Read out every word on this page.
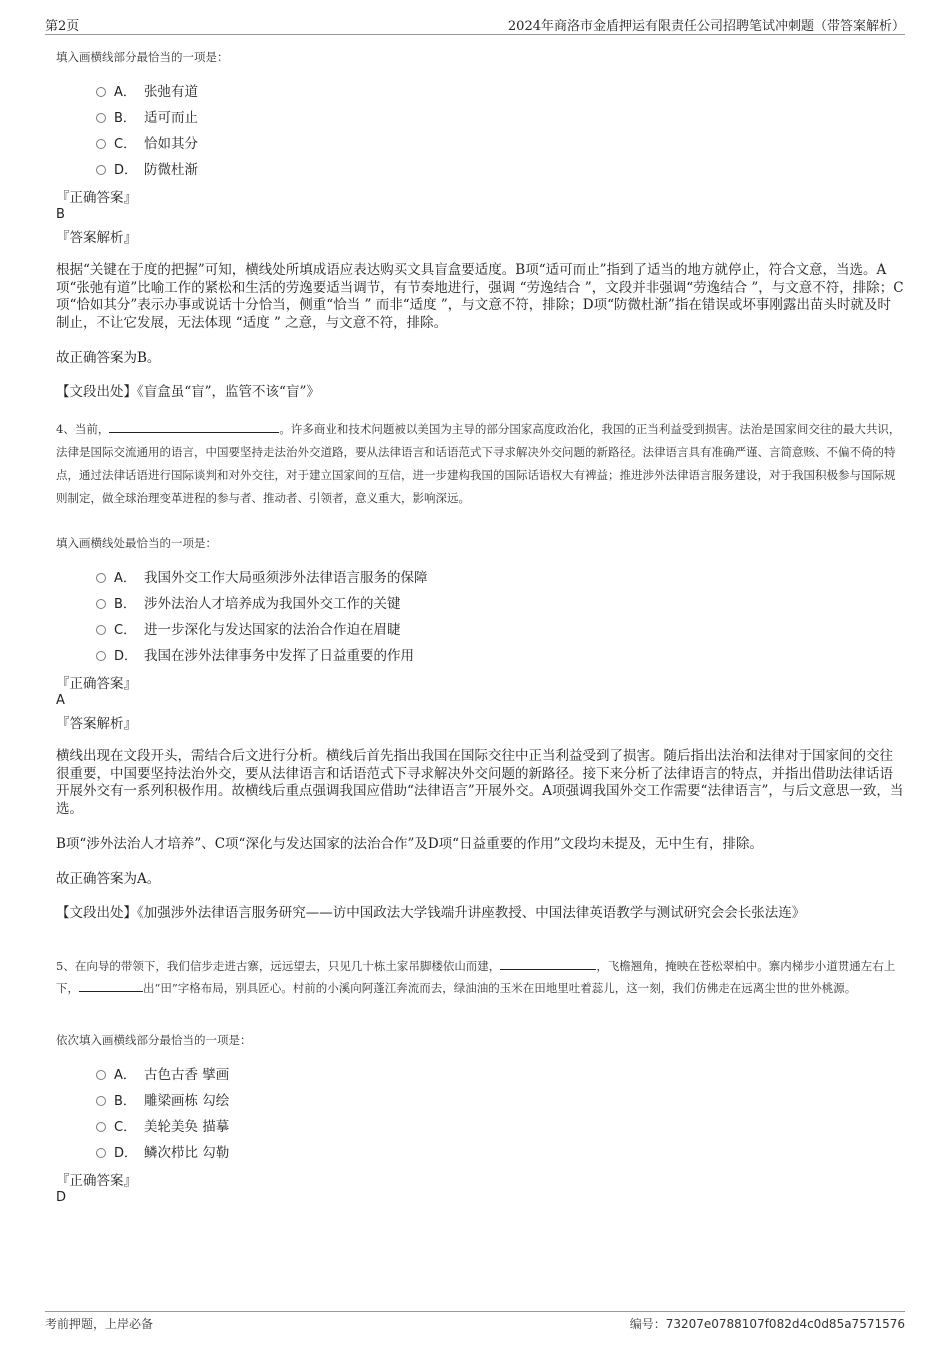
第2页	2024年商洛市金盾押运有限责任公司招聘笔试冲刺题（带答案解析）
填入画横线部分最恰当的一项是：
A． 张弛有道
B． 适可而止
C． 恰如其分
D． 防微杜渐
『正确答案』
B
『答案解析』
根据“关键在于度的把握”可知，横线处所填成语应表达购买文具盲盒要适度。B项“适可而止”指到了适当的地方就停止，符合文意，当选。A项“张弛有道”比喻工作的紧松和生活的劳逸要适当调节，有节奏地进行，强调 “劳逸结合 ”，文段并非强调“劳逸结合 ”，与文意不符，排除；C项“恰如其分”表示办事或说话十分恰当，侧重“恰当 ” 而非“适度 ”，与文意不符，排除；D项“防微杜渐”指在错误或坏事刚露出苗头时就及时制止，不让它发展，无法体现 “适度 ” 之意，与文意不符，排除。
故正确答案为B。
【文段出处】《盲盒虽“盲”，监管不该“盲”》
4、当前，	。许多商业和技术问题被以美国为主导的部分国家高度政治化，我国的正当利益受到损害。法治是国家间交往的最大共识，法律是国际交流通用的语言，中国要坚持走法治外交道路，要从法律语言和话语范式下寻求解决外交问题的新路径。法律语言具有准确严谨、言简意赅、不偏不倚的特点，通过法律话语进行国际谈判和对外交往，对于建立国家间的互信，进一步建构我国的国际话语权大有裨益；推进涉外法律语言服务建设，对于我国积极参与国际规则制定，做全球治理变革进程的参与者、推动者、引领者，意义重大，影响深远。
填入画横线处最恰当的一项是：
A． 我国外交工作大局亟须涉外法律语言服务的保障
B． 涉外法治人才培养成为我国外交工作的关键
C． 进一步深化与发达国家的法治合作迫在眉睫
D． 我国在涉外法律事务中发挥了日益重要的作用
『正确答案』
A
『答案解析』
横线出现在文段开头，需结合后文进行分析。横线后首先指出我国在国际交往中正当利益受到了损害。随后指出法治和法律对于国家间的交往很重要，中国要坚持法治外交，要从法律语言和话语范式下寻求解决外交问题的新路径。接下来分析了法律语言的特点，并指出借助法律话语开展外交有一系列积极作用。故横线后重点强调我国应借助“法律语言”开展外交。A项强调我国外交工作需要“法律语言”，与后文意思一致，当选。
B项“涉外法治人才培养”、C项“深化与发达国家的法治合作”及D项“日益重要的作用”文段均未提及，无中生有，排除。
故正确答案为A。
【文段出处】《加强涉外法律语言服务研究——访中国政法大学钱端升讲座教授、中国法律英语教学与测试研究会会长张法连》
5、在向导的带领下，我们信步走进古寨，远远望去，只见几十栋土家吊脚楼依山而建，	，飞檐翘角，掩映在苍松翠柏中。寨内梯步小道贯通左右上下，	出“田”字格布局，别具匠心。村前的小溪向阿蓬江奔流而去，绿油油的玉米在田地里吐着蕊儿，这一刻，我们仿佛走在远离尘世的世外桃源。
依次填入画横线部分最恰当的一项是：
A． 古色古香 擘画
B． 雕梁画栋 勾绘
C． 美轮美奂 描摹
D． 鳞次栉比 勾勒
『正确答案』
D
考前押题，上岸必备	编号：73207e0788107f082d4c0d85a7571576
